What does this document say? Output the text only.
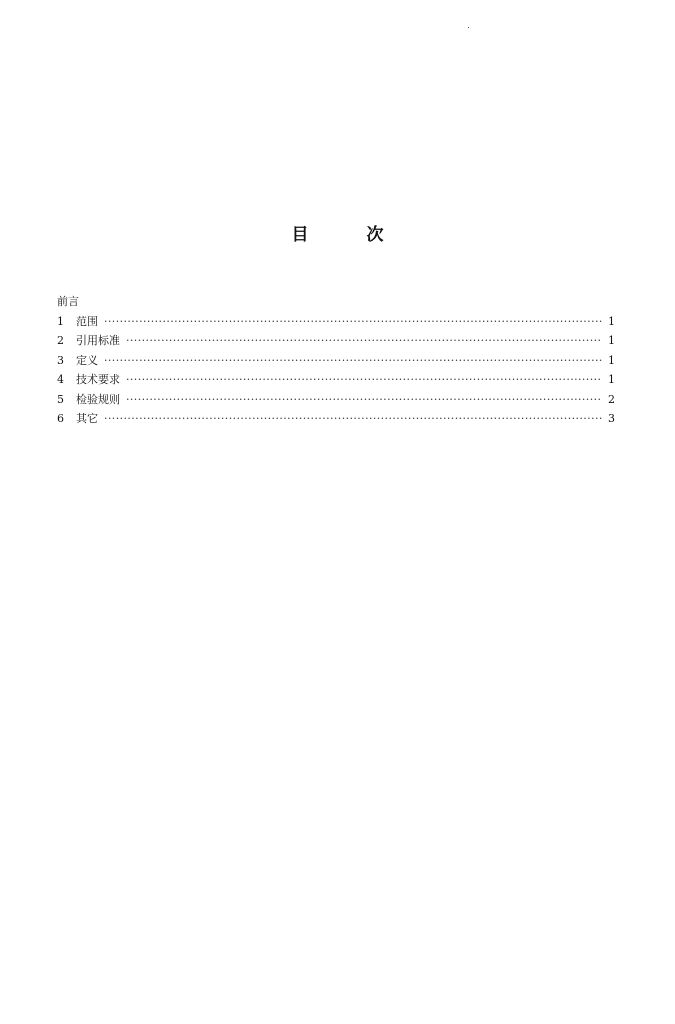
目	次
前言
1	范围 ·····	1
2	引用标准 ·····	1
3	定义 ·····	1
4	技术要求 ·····	1
5	检验规则 ·····	2
6	其它 ·····	3
